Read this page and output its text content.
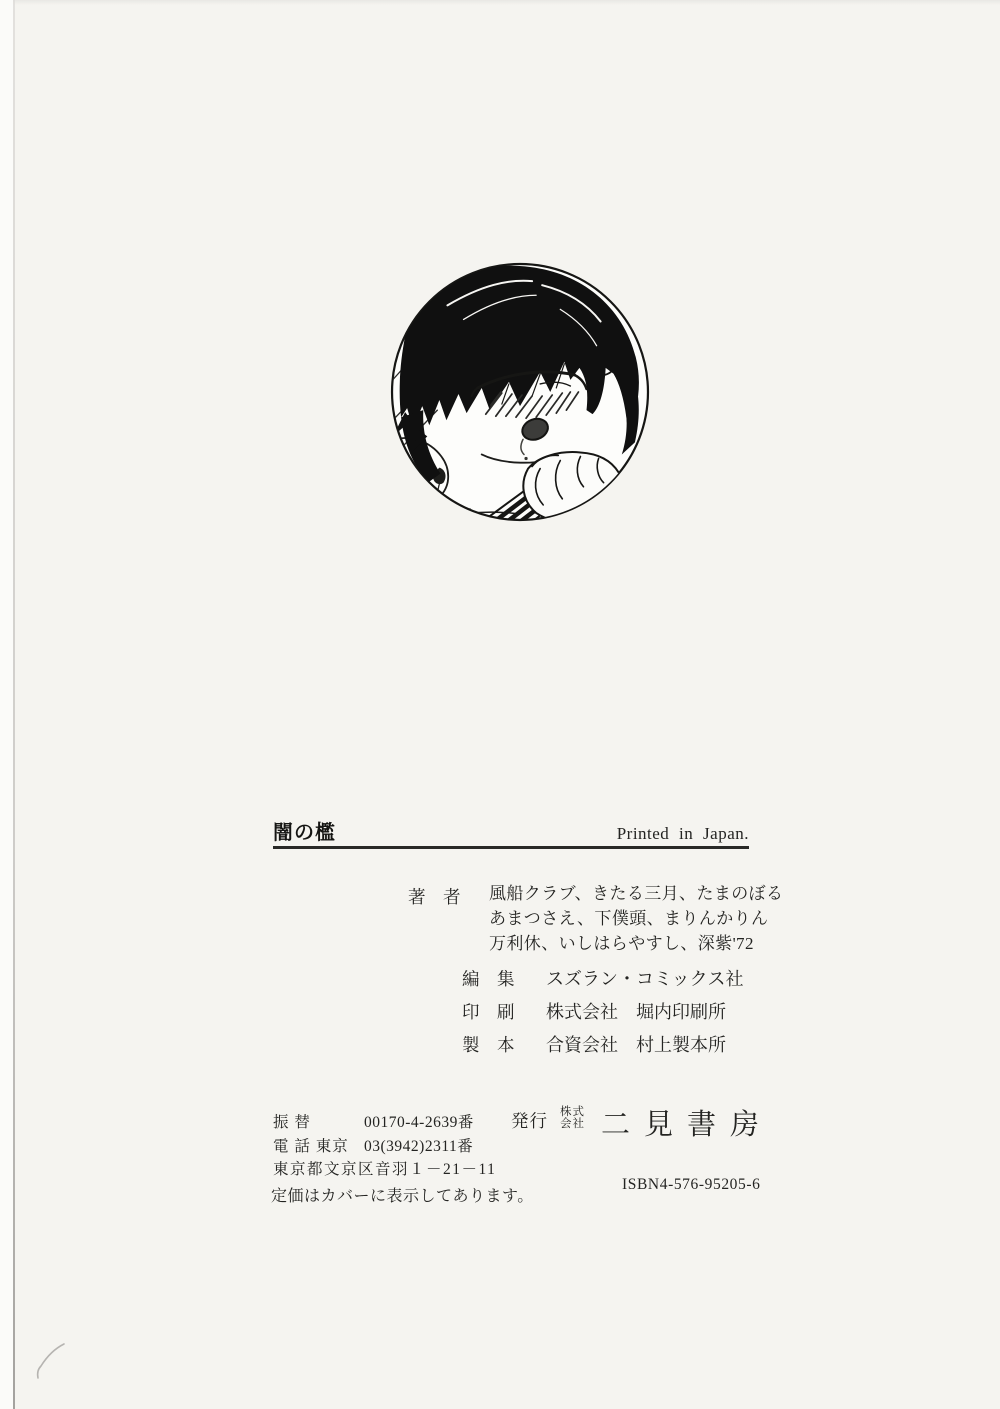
闇の檻	Printed in Japan.
著　者 風船クラブ、きたる三月、たまのぼる
あまつさえ、下僕頭、まりんかりん
万利休、いしはらやすし、深紫'72
編　集 スズラン・コミックス社
印　刷 株式会社　堀内印刷所
製　本 合資会社　村上製本所
振 替	00170-4-2639番
電 話 東京 03(3942)2311番
東京都文京区音羽１－21－11
定価はカバーに表示してあります。
発行 株式
会社 二見書房
ISBN4-576-95205-6
